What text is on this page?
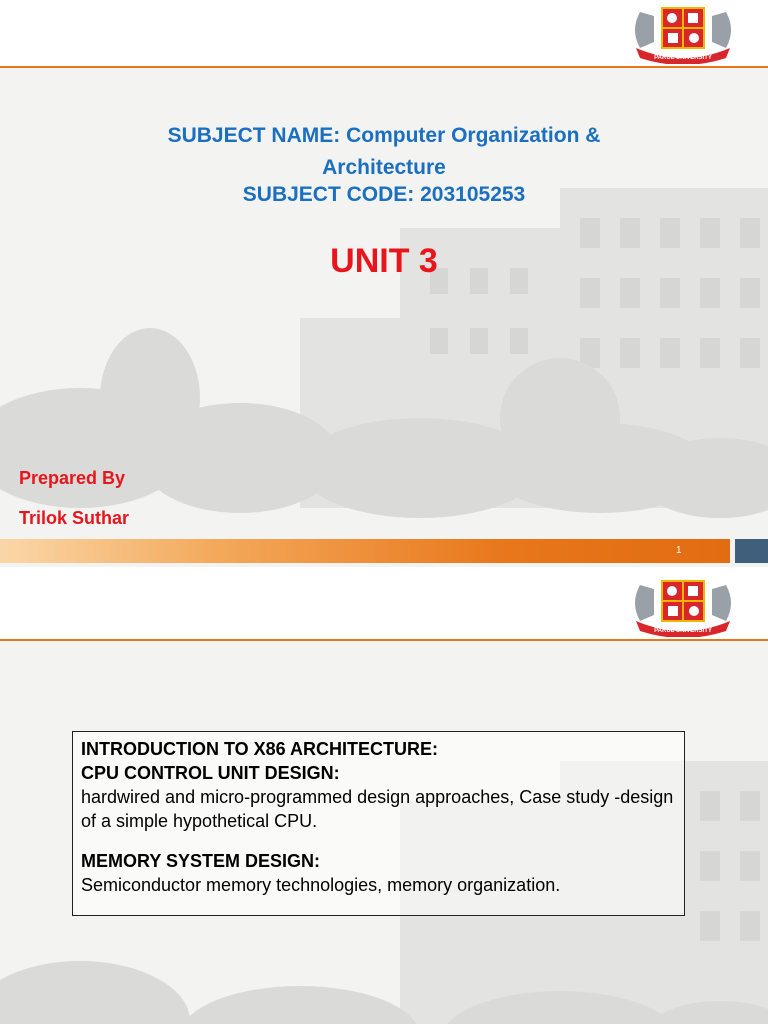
PARUL UNIVERSITY
SUBJECT NAME: Computer Organization &
Architecture
SUBJECT CODE: 203105253
UNIT 3
Prepared By
Trilok Suthar
1
PARUL UNIVERSITY
INTRODUCTION TO X86 ARCHITECTURE:
CPU CONTROL UNIT DESIGN:
hardwired and micro-programmed design approaches, Case study -design of a simple hypothetical CPU.
MEMORY SYSTEM DESIGN:
Semiconductor memory technologies, memory organization.
